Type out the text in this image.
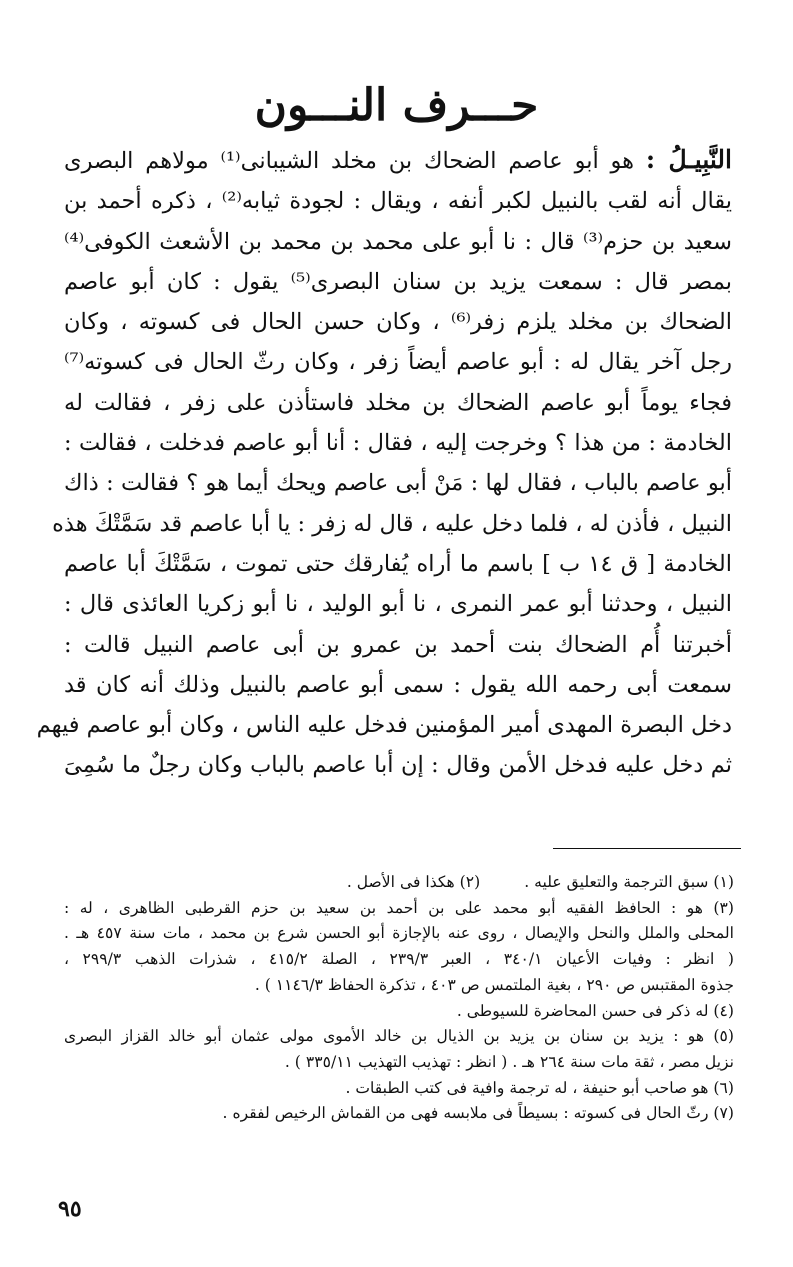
حـــرف النـــون
النَّبِيـلُ : هو أبو عاصم الضحاك بن مخلد الشيبانى⁽¹⁾ مولاهم البصرى
يقال أنه لقب بالنبيل لكبر أنفه ، ويقال : لجودة ثيابه⁽²⁾ ، ذكره أحمد بن
سعيد بن حزم⁽³⁾ قال : نا أبو على محمد بن محمد بن الأشعث الكوفى⁽⁴⁾
بمصر قال : سمعت يزيد بن سنان البصرى⁽⁵⁾ يقول : كان أبو عاصم
الضحاك بن مخلد يلزم زفر⁽⁶⁾ ، وكان حسن الحال فى كسوته ، وكان
رجل آخر يقال له : أبو عاصم أيضاً زفر ، وكان رثّ الحال فى كسوته⁽⁷⁾
فجاء يوماً أبو عاصم الضحاك بن مخلد فاستأذن على زفر ، فقالت له
الخادمة : من هذا ؟ وخرجت إليه ، فقال : أنا أبو عاصم فدخلت ، فقالت :
أبو عاصم بالباب ، فقال لها : مَنْ أبى عاصم ويحك أيما هو ؟ فقالت : ذاك
النبيل ، فأذن له ، فلما دخل عليه ، قال له زفر : يا أبا عاصم قد سَمَّتْكَ هذه
الخادمة [ ق ١٤ ب ] باسم ما أراه يُفارقك حتى تموت ، سَمَّتْكَ أبا عاصم
النبيل ، وحدثنا أبو عمر النمرى ، نا أبو الوليد ، نا أبو زكريا العائذى قال :
أخبرتنا أُم الضحاك بنت أحمد بن عمرو بن أبى عاصم النبيل قالت :
سمعت أبى رحمه الله يقول : سمى أبو عاصم بالنبيل وذلك أنه كان قد
دخل البصرة المهدى أمير المؤمنين فدخل عليه الناس ، وكان أبو عاصم فيهم
ثم دخل عليه فدخل الأمن وقال : إن أبا عاصم بالباب وكان رجلٌ ما سُمِىَ
(١) سبق الترجمة والتعليق عليه .(٢) هكذا فى الأصل .
(٣) هو : الحافظ الفقيه أبو محمد على بن أحمد بن سعيد بن حزم القرطبى الظاهرى ، له :
المحلى والملل والنحل والإيصال ، روى عنه بالإجازة أبو الحسن شرع بن محمد ، مات سنة ٤٥٧ هـ .
( انظر : وفيات الأعيان ٣٤٠/١ ، العبر ٢٣٩/٣ ، الصلة ٤١٥/٢ ، شذرات الذهب ٢٩٩/٣ ،
جذوة المقتبس ص ٢٩٠ ، بغية الملتمس ص ٤٠٣ ، تذكرة الحفاظ ١١٤٦/٣ ) .
(٤) له ذكر فى حسن المحاضرة للسيوطى .
(٥) هو : يزيد بن سنان بن يزيد بن الذيال بن خالد الأموى مولى عثمان أبو خالد القزاز البصرى
نزيل مصر ، ثقة مات سنة ٢٦٤ هـ . ( انظر : تهذيب التهذيب ٣٣٥/١١ ) .
(٦) هو صاحب أبو حنيفة ، له ترجمة وافية فى كتب الطبقات .
(٧) رثّ الحال فى كسوته : بسيطاً فى ملابسه فهى من القماش الرخيص لفقره .
٩٥
